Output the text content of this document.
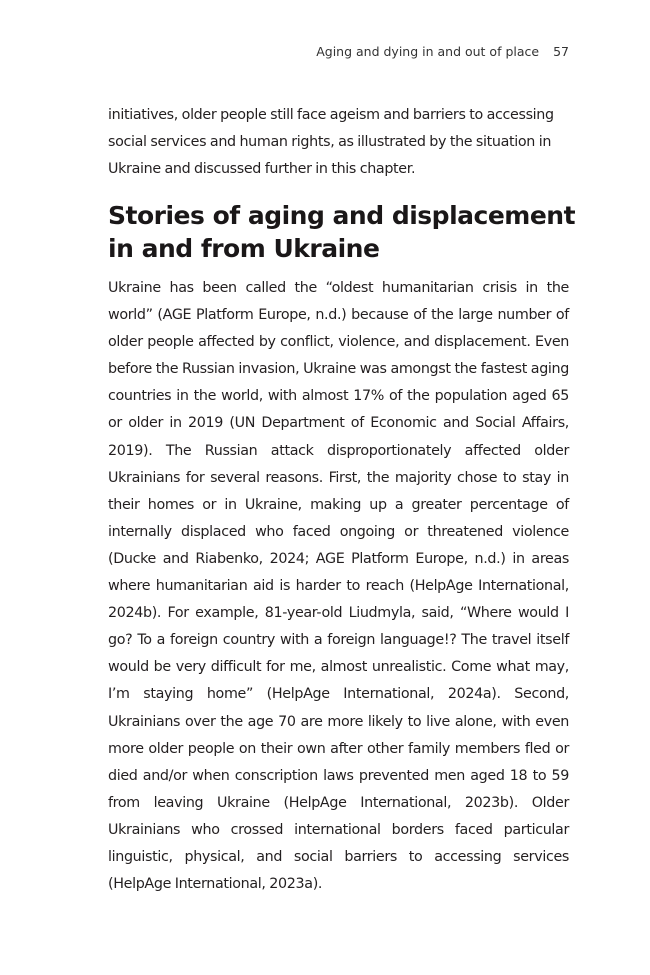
Aging and dying in and out of place 57

initiatives, older people still face ageism and barriers to accessing social services and human rights, as illustrated by the situation in Ukraine and discussed further in this chapter.

Stories of aging and displacement in and from Ukraine

Ukraine has been called the “oldest humanitarian crisis in the world” (AGE Platform Europe, n.d.) because of the large number of older people affected by conflict, violence, and displacement. Even before the Russian invasion, Ukraine was amongst the fastest aging countries in the world, with almost 17% of the population aged 65 or older in 2019 (UN Department of Economic and Social Affairs, 2019). The Russian attack disproportionately affected older Ukrainians for several reasons. First, the majority chose to stay in their homes or in Ukraine, making up a greater percentage of internally displaced who faced ongoing or threatened violence (Ducke and Riabenko, 2024; AGE Platform Europe, n.d.) in areas where humanitarian aid is harder to reach (HelpAge International, 2024b). For example, 81-year-old Liudmyla, said, “Where would I go? To a foreign country with a foreign language!? The travel itself would be very difficult for me, almost unrealistic. Come what may, I’m staying home” (HelpAge International, 2024a). Second, Ukrainians over the age 70 are more likely to live alone, with even more older people on their own after other family members fled or died and/or when conscription laws prevented men aged 18 to 59 from leaving Ukraine (HelpAge International, 2023b). Older Ukrainians who crossed international borders faced particular linguistic, physical, and social barriers to accessing services (HelpAge International, 2023a).
